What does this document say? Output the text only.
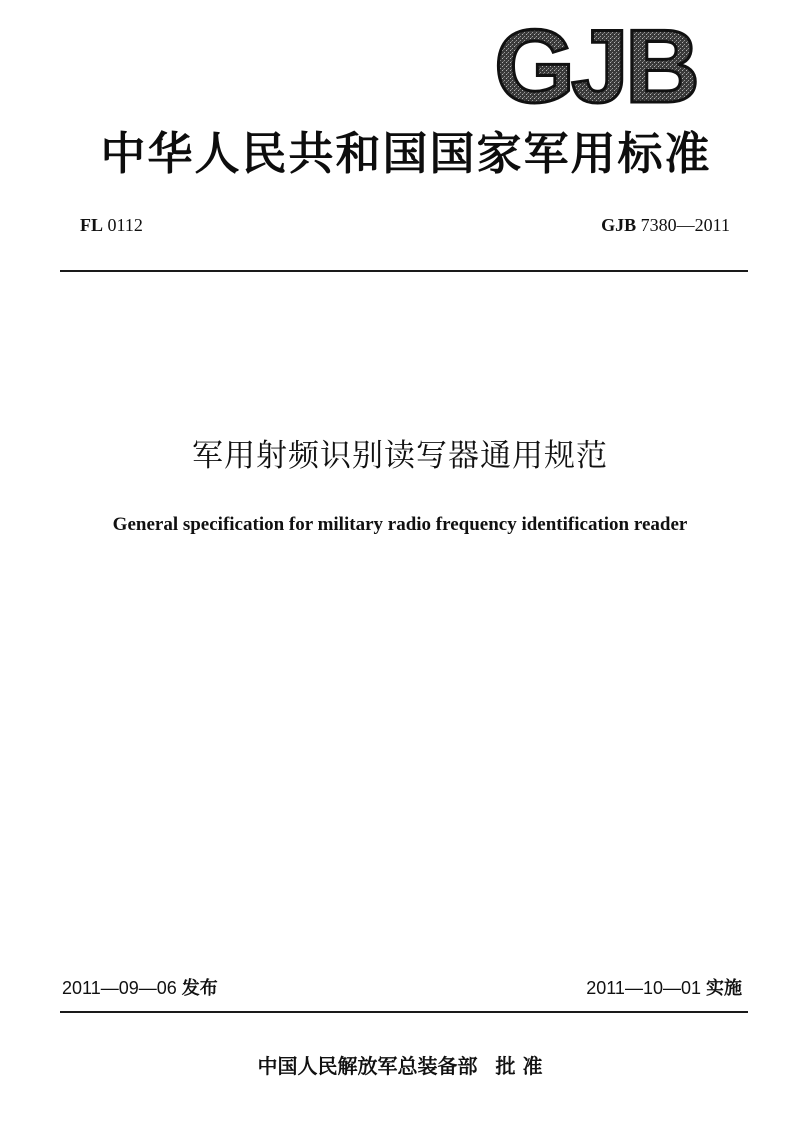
GJB
中华人民共和国国家军用标准
FL 0112	GJB 7380—2011
军用射频识别读写器通用规范
General specification for military radio frequency identification reader
2011—09—06 发布	2011—10—01 实施
中国人民解放军总装备部 批 准
